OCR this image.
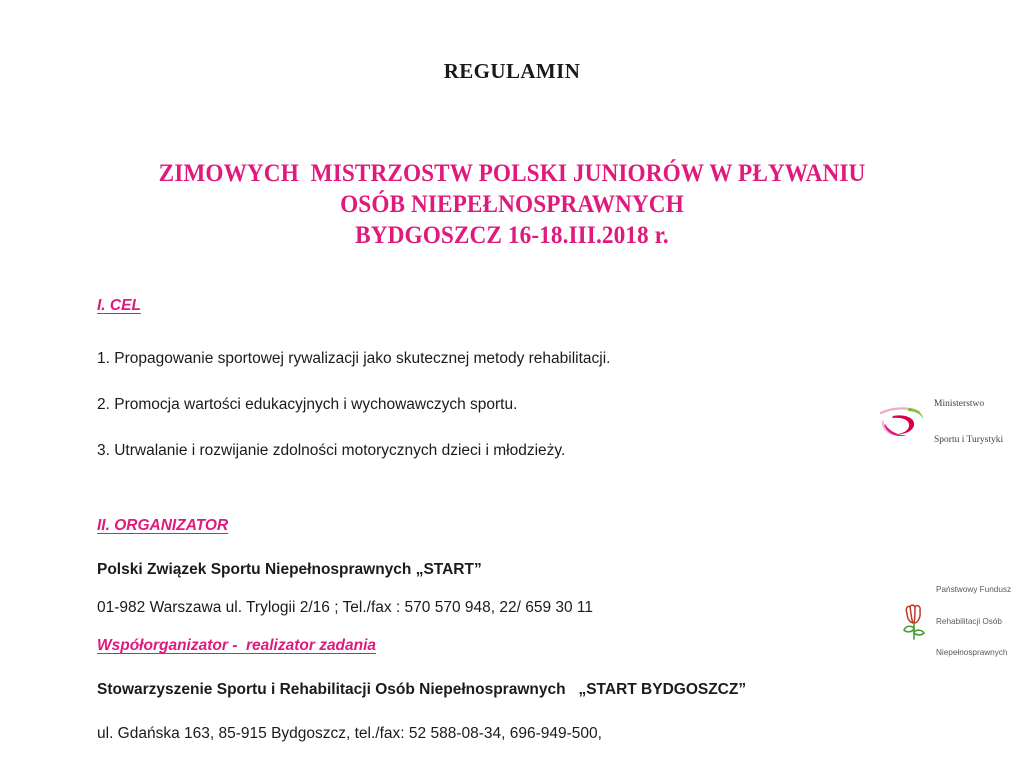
REGULAMIN
ZIMOWYCH  MISTRZOSTW POLSKI JUNIORÓW W PŁYWANIU
OSÓB NIEPEŁNOSPRAWNYCH
BYDGOSZCZ 16-18.III.2018 r.
I. CEL
1. Propagowanie sportowej rywalizacji jako skutecznej metody rehabilitacji.
2. Promocja wartości edukacyjnych i wychowawczych sportu.
3. Utrwalanie i rozwijanie zdolności motorycznych dzieci i młodzieży.
II. ORGANIZATOR
Polski Związek Sportu Niepełnosprawnych „START”
01-982 Warszawa ul. Trylogii 2/16 ; Tel./fax : 570 570 948, 22/ 659 30 11
Współorganizator -  realizator zadania
Stowarzyszenie Sportu i Rehabilitacji Osób Niepełnosprawnych   „START BYDGOSZCZ”
ul. Gdańska 163, 85-915 Bydgoszcz, tel./fax: 52 588-08-34, 696-949-500,

Ministerstwo

Sportu i Turystyki

Państwowy Fundusz

Rehabilitacji Osób

Niepełnosprawnych
